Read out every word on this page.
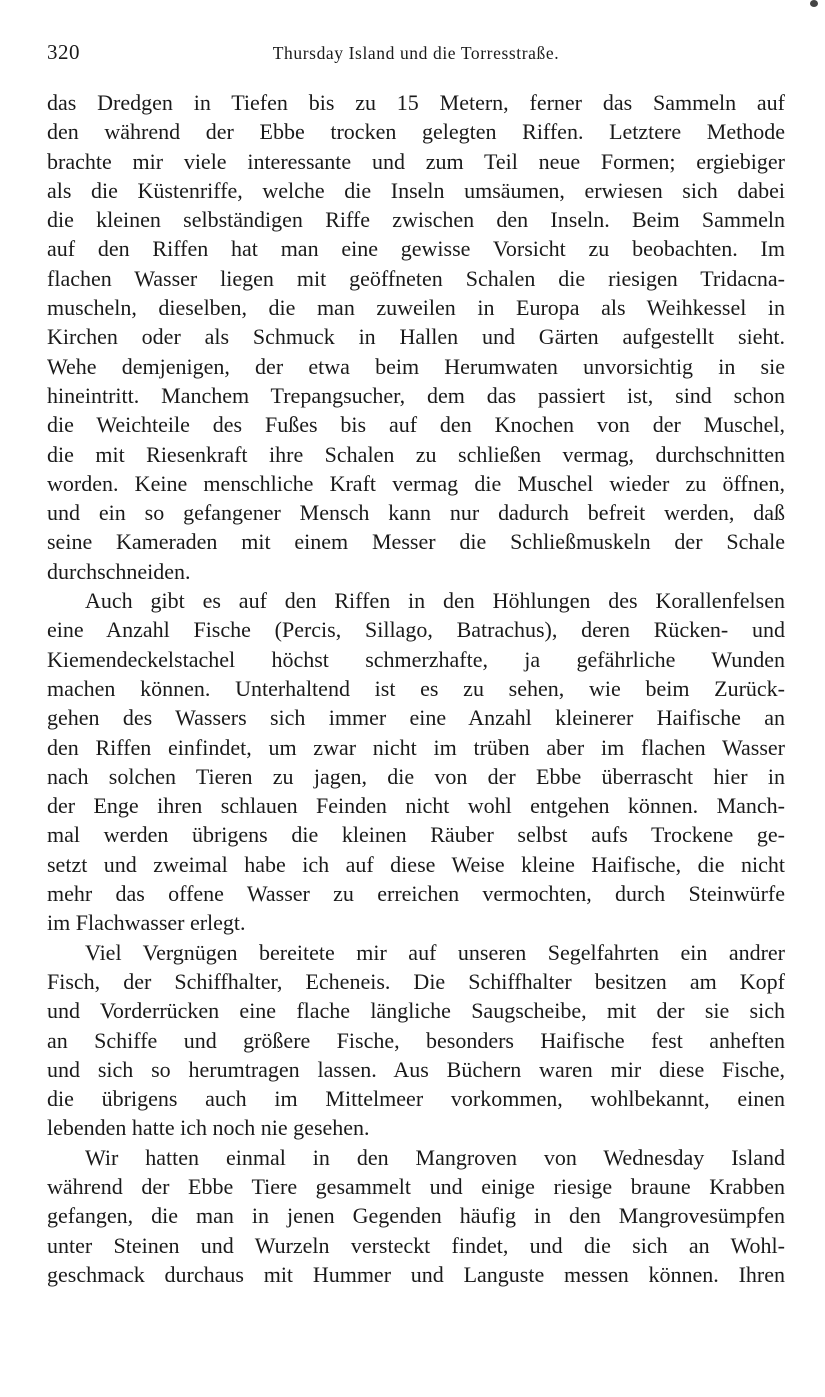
320	Thursday Island und die Torresstraße.

das Dredgen in Tiefen bis zu 15 Metern, ferner das Sammeln auf
den während der Ebbe trocken gelegten Riffen. Letztere Methode
brachte mir viele interessante und zum Teil neue Formen; ergiebiger
als die Küstenriffe, welche die Inseln umsäumen, erwiesen sich dabei
die kleinen selbständigen Riffe zwischen den Inseln. Beim Sammeln
auf den Riffen hat man eine gewisse Vorsicht zu beobachten. Im
flachen Wasser liegen mit geöffneten Schalen die riesigen Tridacna-
muscheln, dieselben, die man zuweilen in Europa als Weihkessel in
Kirchen oder als Schmuck in Hallen und Gärten aufgestellt sieht.
Wehe demjenigen, der etwa beim Herumwaten unvorsichtig in sie
hineintritt. Manchem Trepangsucher, dem das passiert ist, sind schon
die Weichteile des Fußes bis auf den Knochen von der Muschel,
die mit Riesenkraft ihre Schalen zu schließen vermag, durchschnitten
worden. Keine menschliche Kraft vermag die Muschel wieder zu öffnen,
und ein so gefangener Mensch kann nur dadurch befreit werden, daß
seine Kameraden mit einem Messer die Schließmuskeln der Schale
durchschneiden.

Auch gibt es auf den Riffen in den Höhlungen des Korallenfelsen
eine Anzahl Fische (Percis, Sillago, Batrachus), deren Rücken- und
Kiemendeckelstachel höchst schmerzhafte, ja gefährliche Wunden
machen können. Unterhaltend ist es zu sehen, wie beim Zurück-
gehen des Wassers sich immer eine Anzahl kleinerer Haifische an
den Riffen einfindet, um zwar nicht im trüben aber im flachen Wasser
nach solchen Tieren zu jagen, die von der Ebbe überrascht hier in
der Enge ihren schlauen Feinden nicht wohl entgehen können. Manch-
mal werden übrigens die kleinen Räuber selbst aufs Trockene ge-
setzt und zweimal habe ich auf diese Weise kleine Haifische, die nicht
mehr das offene Wasser zu erreichen vermochten, durch Steinwürfe
im Flachwasser erlegt.

Viel Vergnügen bereitete mir auf unseren Segelfahrten ein andrer
Fisch, der Schiffhalter, Echeneis. Die Schiffhalter besitzen am Kopf
und Vorderrücken eine flache längliche Saugscheibe, mit der sie sich
an Schiffe und größere Fische, besonders Haifische fest anheften
und sich so herumtragen lassen. Aus Büchern waren mir diese Fische,
die übrigens auch im Mittelmeer vorkommen, wohlbekannt, einen
lebenden hatte ich noch nie gesehen.

Wir hatten einmal in den Mangroven von Wednesday Island
während der Ebbe Tiere gesammelt und einige riesige braune Krabben
gefangen, die man in jenen Gegenden häufig in den Mangrovesümpfen
unter Steinen und Wurzeln versteckt findet, und die sich an Wohl-
geschmack durchaus mit Hummer und Languste messen können. Ihren
